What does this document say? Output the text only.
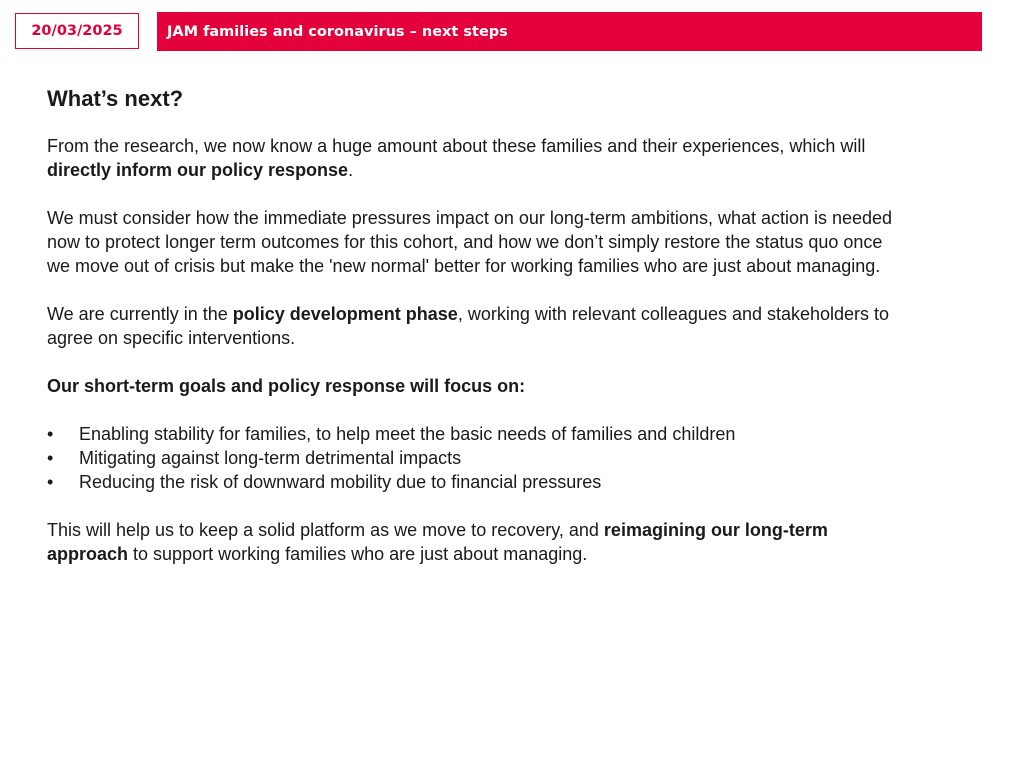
20/03/2025	JAM families and coronavirus – next steps
What’s next?

From the research, we now know a huge amount about these families and their experiences, which will directly inform our policy response.

We must consider how the immediate pressures impact on our long-term ambitions, what action is needed now to protect longer term outcomes for this cohort, and how we don’t simply restore the status quo once we move out of crisis but make the 'new normal' better for working families who are just about managing.

We are currently in the policy development phase, working with relevant colleagues and stakeholders to agree on specific interventions.

Our short-term goals and policy response will focus on:

•	Enabling stability for families, to help meet the basic needs of families and children
•	Mitigating against long-term detrimental impacts
•	Reducing the risk of downward mobility due to financial pressures

This will help us to keep a solid platform as we move to recovery, and reimagining our long-term approach to support working families who are just about managing.
